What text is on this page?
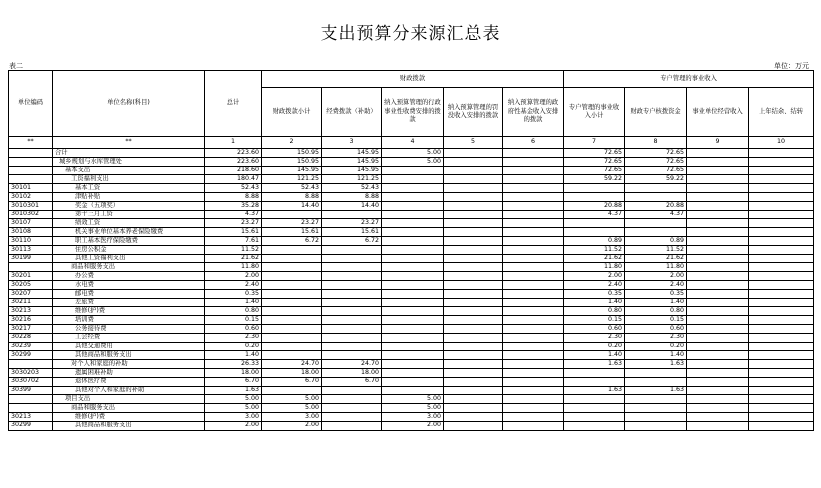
支出预算分来源汇总表
表二	单位：万元
单位编码	单位名称(科目)	总计	财政拨款					专户管理的事业收入			
			财政拨款小计	经费拨款（补助）	纳入预算管理的行政事业性收费安排的拨款	纳入预算管理的罚没收入安排的拨款	纳入预算管理的政府性基金收入安排的拨款	专户管理的事业收入小计	财政专户核拨资金	事业单位经营收入	上年结余、结转
**	**	1	2	3	4	5	6	7	8	9	10
	合计	223.60	150.95	145.95	5.00			72.65	72.65		
	城乡规划与水库管理处	223.60	150.95	145.95	5.00			72.65	72.65		
	基本支出	218.60	145.95	145.95				72.65	72.65		
	工资福利支出	180.47	121.25	121.25				59.22	59.22		
30101	基本工资	52.43	52.43	52.43							
30102	津贴补贴	8.88	8.88	8.88							
3010301	奖金（五项奖）	35.28	14.40	14.40				20.88	20.88		
3010302	第十三月工资	4.37						4.37	4.37		
30107	绩效工资	23.27	23.27	23.27							
30108	机关事业单位基本养老保险缴费	15.61	15.61	15.61							
30110	职工基本医疗保险缴费	7.61	6.72	6.72				0.89	0.89		
30113	住房公积金	11.52						11.52	11.52		
30199	其他工资福利支出	21.62						21.62	21.62		
	商品和服务支出	11.80						11.80	11.80		
30201	办公费	2.00						2.00	2.00		
30205	水电费	2.40						2.40	2.40		
30207	邮电费	0.35						0.35	0.35		
30211	差旅费	1.40						1.40	1.40		
30213	维修(护)费	0.80						0.80	0.80		
30216	培训费	0.15						0.15	0.15		
30217	公务接待费	0.60						0.60	0.60		
30228	工会经费	2.30						2.30	2.30		
30239	其他交通费用	0.20						0.20	0.20		
30299	其他商品和服务支出	1.40						1.40	1.40		
	对个人和家庭的补助	26.33	24.70	24.70				1.63	1.63		
3030203	遗属困难补助	18.00	18.00	18.00							
3030702	退休医疗费	6.70	6.70	6.70							
30399	其他对个人和家庭的补助	1.63						1.63	1.63		
	项目支出	5.00	5.00		5.00						
	商品和服务支出	5.00	5.00		5.00						
30213	维修(护)费	3.00	3.00		3.00						
30299	其他商品和服务支出	2.00	2.00		2.00						
